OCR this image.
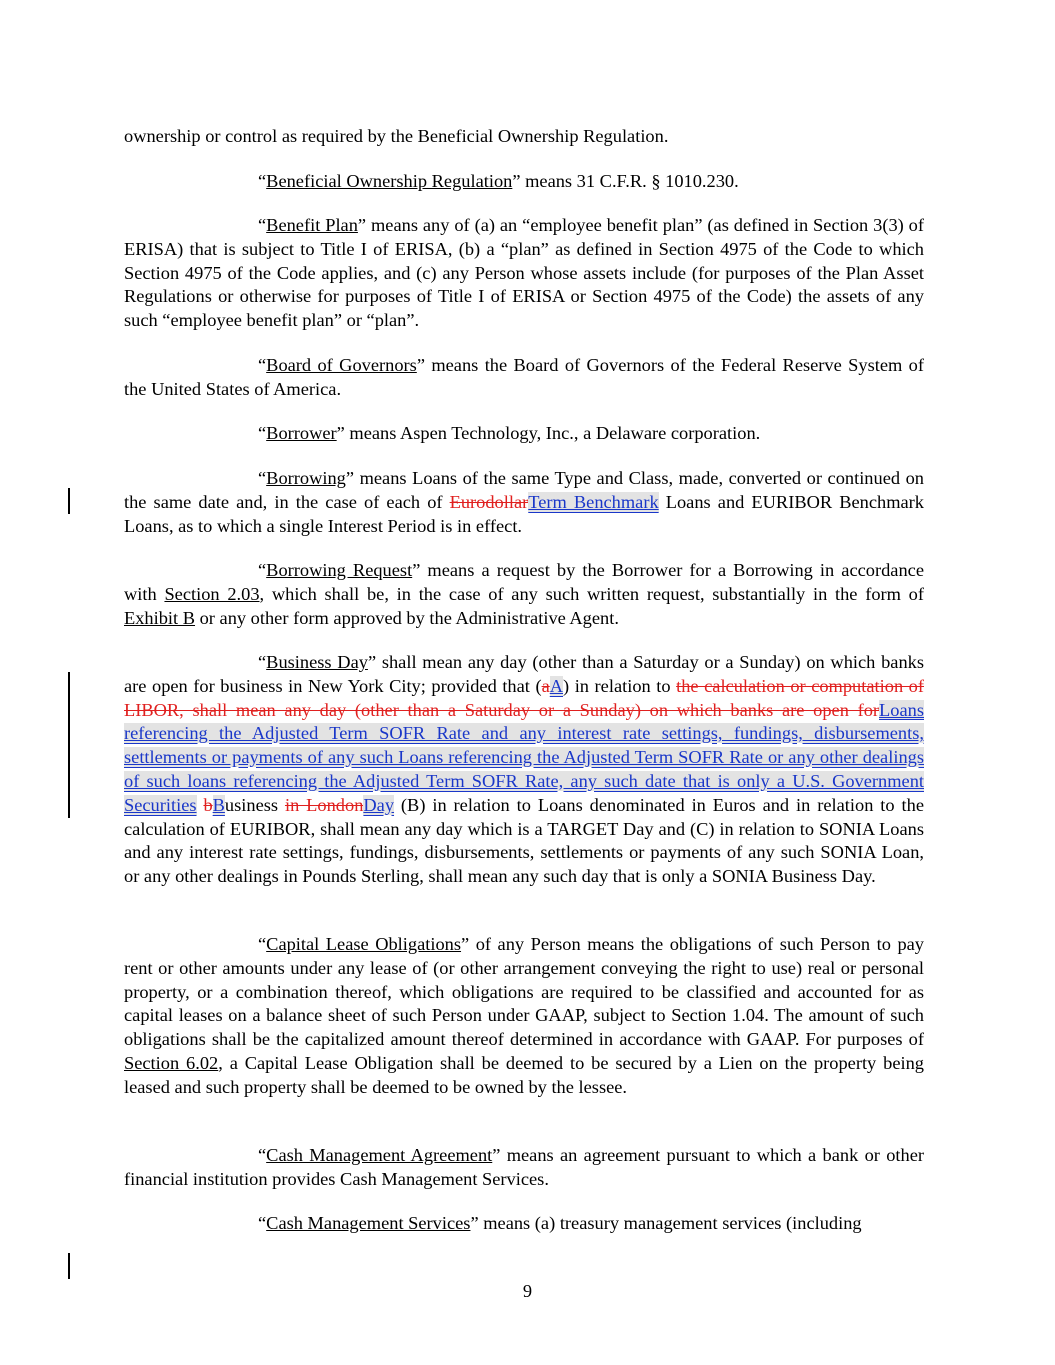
ownership or control as required by the Beneficial Ownership Regulation.

“Beneficial Ownership Regulation” means 31 C.F.R. § 1010.230.

“Benefit Plan” means any of (a) an “employee benefit plan” (as defined in Section 3(3) of ERISA) that is subject to Title I of ERISA, (b) a “plan” as defined in Section 4975 of the Code to which Section 4975 of the Code applies, and (c) any Person whose assets include (for purposes of the Plan Asset Regulations or otherwise for purposes of Title I of ERISA or Section 4975 of the Code) the assets of any such “employee benefit plan” or “plan”.

“Board of Governors” means the Board of Governors of the Federal Reserve System of the United States of America.

“Borrower” means Aspen Technology, Inc., a Delaware corporation.

“Borrowing” means Loans of the same Type and Class, made, converted or continued on the same date and, in the case of each of EurodollarTerm Benchmark Loans and EURIBOR Benchmark Loans, as to which a single Interest Period is in effect.

“Borrowing Request” means a request by the Borrower for a Borrowing in accordance with Section 2.03, which shall be, in the case of any such written request, substantially in the form of Exhibit B or any other form approved by the Administrative Agent.

“Business Day” shall mean any day (other than a Saturday or a Sunday) on which banks are open for business in New York City; provided that (aA) in relation to the calculation or computation of LIBOR, shall mean any day (other than a Saturday or a Sunday) on which banks are open forLoans referencing the Adjusted Term SOFR Rate and any interest rate settings, fundings, disbursements, settlements or payments of any such Loans referencing the Adjusted Term SOFR Rate or any other dealings of such loans referencing the Adjusted Term SOFR Rate, any such date that is only a U.S. Government Securities bBusiness in LondonDay (B) in relation to Loans denominated in Euros and in relation to the calculation of EURIBOR, shall mean any day which is a TARGET Day and (C) in relation to SONIA Loans and any interest rate settings, fundings, disbursements, settlements or payments of any such SONIA Loan, or any other dealings in Pounds Sterling, shall mean any such day that is only a SONIA Business Day.

“Capital Lease Obligations” of any Person means the obligations of such Person to pay rent or other amounts under any lease of (or other arrangement conveying the right to use) real or personal property, or a combination thereof, which obligations are required to be classified and accounted for as capital leases on a balance sheet of such Person under GAAP, subject to Section 1.04. The amount of such obligations shall be the capitalized amount thereof determined in accordance with GAAP. For purposes of Section 6.02, a Capital Lease Obligation shall be deemed to be secured by a Lien on the property being leased and such property shall be deemed to be owned by the lessee.

“Cash Management Agreement” means an agreement pursuant to which a bank or other financial institution provides Cash Management Services.

“Cash Management Services” means (a) treasury management services (including

9
